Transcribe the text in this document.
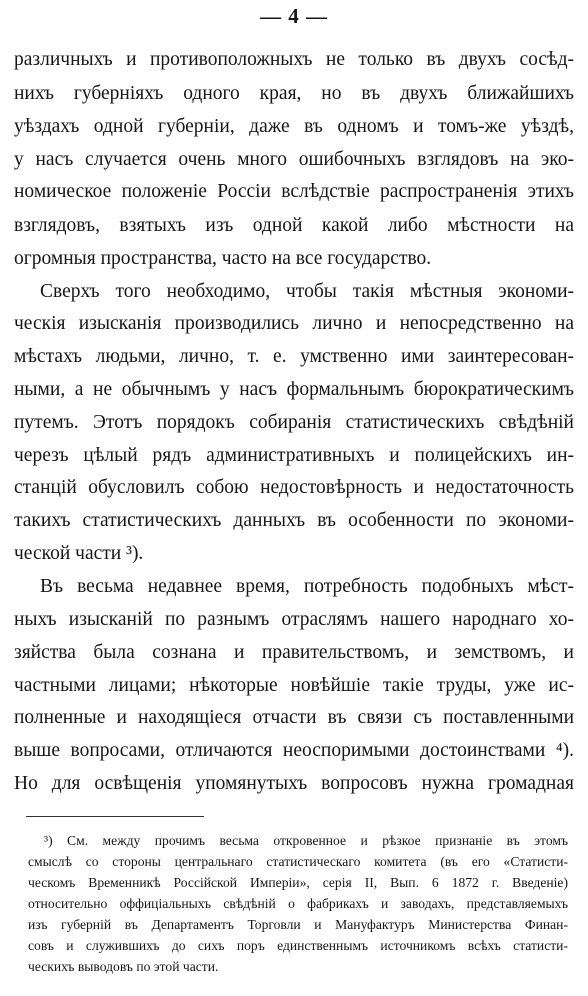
— 4 —
различныхъ и противоположныхъ не только въ двухъ сосѣд-
нихъ губерніяхъ одного края, но въ двухъ ближайшихъ
уѣздахъ одной губерніи, даже въ одномъ и томъ-же уѣздѣ,
у насъ случается очень много ошибочныхъ взглядовъ на эко-
номическое положеніе Россіи вслѣдствіе распространенія этихъ
взглядовъ, взятыхъ изъ одной какой либо мѣстности на
огромныя пространства, часто на все государство.
Сверхъ того необходимо, чтобы такія мѣстныя экономи-
ческія изысканія производились лично и непосредственно на
мѣстахъ людьми, лично, т. е. умственно ими заинтересован-
ными, а не обычнымъ у насъ формальнымъ бюрократическимъ
путемъ. Этотъ порядокъ собиранія статистическихъ свѣдѣній
черезъ цѣлый рядъ административныхъ и полицейскихъ ин-
станцій обусловилъ собою недостовѣрность и недостаточность
такихъ статистическихъ данныхъ въ особенности по экономи-
ческой части ³).
Въ весьма недавнее время, потребность подобныхъ мѣст-
ныхъ изысканій по разнымъ отраслямъ нашего народнаго хо-
зяйства была сознана и правительствомъ, и земствомъ, и
частными лицами; нѣкоторые новѣйшіе такіе труды, уже ис-
полненные и находящіеся отчасти въ связи съ поставленными
выше вопросами, отличаются неоспоримыми достоинствами ⁴).
Но для освѣщенія упомянутыхъ вопросовъ нужна громадная
³) См. между прочимъ весьма откровенное и рѣзкое признаніе въ этомъ
смыслѣ со стороны центральнаго статистическаго комитета (въ его «Статисти-
ческомъ Временникѣ Россійской Имперіи», серія II, Вып. 6 1872 г. Введеніе)
относительно оффиціальныхъ свѣдѣній о фабрикахъ и заводахъ, представляемыхъ
изъ губерній въ Департаментъ Торговли и Мануфактуръ Министерства Финан-
совъ и служившихъ до сихъ поръ единственнымъ источникомъ всѣхъ статисти-
ческихъ выводовъ по этой части.
